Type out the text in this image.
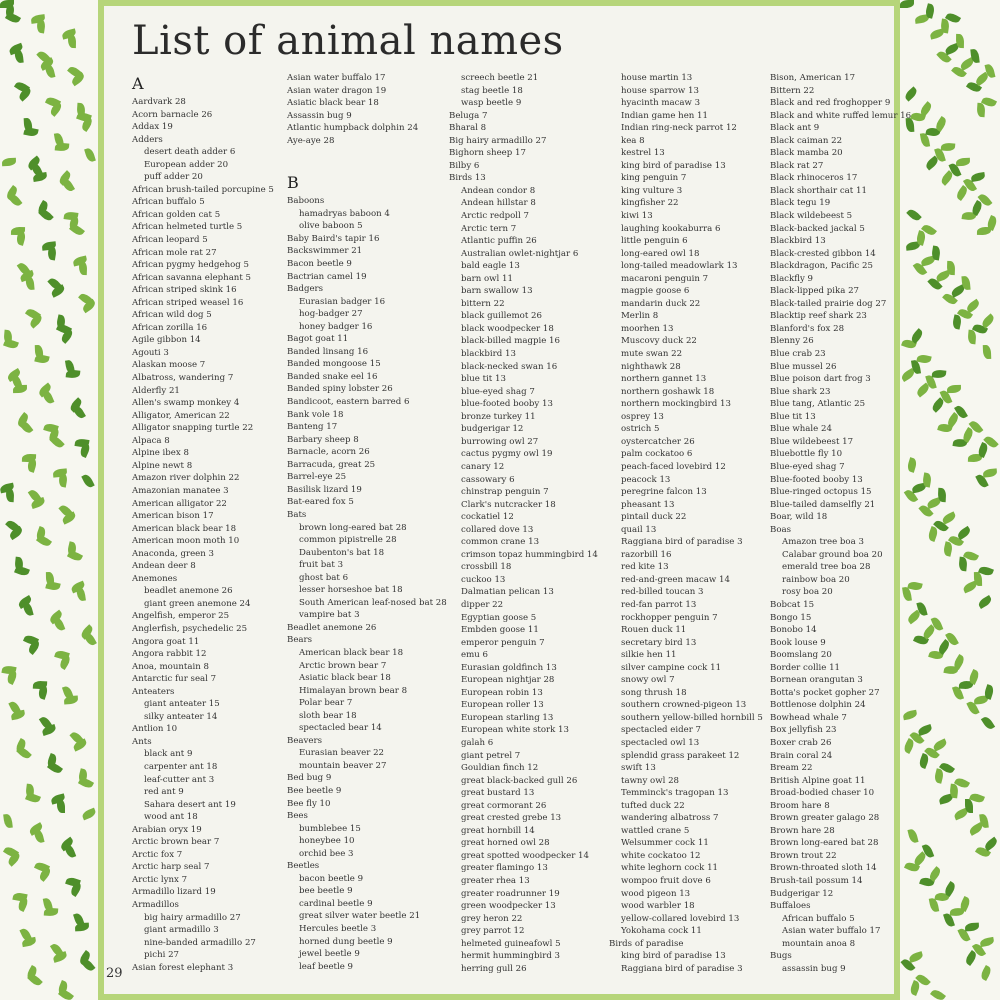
List of animal names
A
Aardvark 28
Acorn barnacle 26
Addax 19
Adders
desert death adder 6
European adder 20
puff adder 20
African brush-tailed porcupine 5
African buffalo 5
African golden cat 5
African helmeted turtle 5
African leopard 5
African mole rat 27
African pygmy hedgehog 5
African savanna elephant 5
African striped skink 16
African striped weasel 16
African wild dog 5
African zorilla 16
Agile gibbon 14
Agouti 3
Alaskan moose 7
Albatross, wandering 7
Alderfly 21
Allen's swamp monkey 4
Alligator, American 22
Alligator snapping turtle 22
Alpaca 8
Alpine ibex 8
Alpine newt 8
Amazon river dolphin 22
Amazonian manatee 3
American alligator 22
American bison 17
American black bear 18
American moon moth 10
Anaconda, green 3
Andean deer 8
Anemones
beadlet anemone 26
giant green anemone 24
Angelfish, emperor 25
Anglerfish, psychedelic 25
Angora goat 11
Angora rabbit 12
Anoa, mountain 8
Antarctic fur seal 7
Anteaters
giant anteater 15
silky anteater 14
Antlion 10
Ants
black ant 9
carpenter ant 18
leaf-cutter ant 3
red ant 9
Sahara desert ant 19
wood ant 18
Arabian oryx 19
Arctic brown bear 7
Arctic fox 7
Arctic harp seal 7
Arctic lynx 7
Armadillo lizard 19
Armadillos
big hairy armadillo 27
giant armadillo 3
nine-banded armadillo 27
pichi 27
Asian forest elephant 3
Asian water buffalo 17
Asian water dragon 19
Asiatic black bear 18
Assassin bug 9
Atlantic humpback dolphin 24
Aye-aye 28
B
Baboons
hamadryas baboon 4
olive baboon 5
Baby Baird's tapir 16
Backswimmer 21
Bacon beetle 9
Bactrian camel 19
Badgers
Eurasian badger 16
hog-badger 27
honey badger 16
Bagot goat 11
Banded linsang 16
Banded mongoose 15
Banded snake eel 16
Banded spiny lobster 26
Bandicoot, eastern barred 6
Bank vole 18
Banteng 17
Barbary sheep 8
Barnacle, acorn 26
Barracuda, great 25
Barrel-eye 25
Basilisk lizard 19
Bat-eared fox 5
Bats
brown long-eared bat 28
common pipistrelle 28
Daubenton's bat 18
fruit bat 3
ghost bat 6
lesser horseshoe bat 18
South American leaf-nosed bat 28
vampire bat 3
Beadlet anemone 26
Bears
American black bear 18
Arctic brown bear 7
Asiatic black bear 18
Himalayan brown bear 8
Polar bear 7
sloth bear 18
spectacled bear 14
Beavers
Eurasian beaver 22
mountain beaver 27
Bed bug 9
Bee beetle 9
Bee fly 10
Bees
bumblebee 15
honeybee 10
orchid bee 3
Beetles
bacon beetle 9
bee beetle 9
cardinal beetle 9
great silver water beetle 21
Hercules beetle 3
horned dung beetle 9
jewel beetle 9
leaf beetle 9
screech beetle 21
stag beetle 18
wasp beetle 9
Beluga 7
Bharal 8
Big hairy armadillo 27
Bighorn sheep 17
Bilby 6
Birds 13
Andean condor 8
Andean hillstar 8
Arctic redpoll 7
Arctic tern 7
Atlantic puffin 26
Australian owlet-nightjar 6
bald eagle 13
barn owl 11
barn swallow 13
bittern 22
black guillemot 26
black woodpecker 18
black-billed magpie 16
blackbird 13
black-necked swan 16
blue tit 13
blue-eyed shag 7
blue-footed booby 13
bronze turkey 11
budgerigar 12
burrowing owl 27
cactus pygmy owl 19
canary 12
cassowary 6
chinstrap penguin 7
Clark's nutcracker 18
cockatiel 12
collared dove 13
common crane 13
crimson topaz hummingbird 14
crossbill 18
cuckoo 13
Dalmatian pelican 13
dipper 22
Egyptian goose 5
Embden goose 11
emperor penguin 7
emu 6
Eurasian goldfinch 13
European nightjar 28
European robin 13
European roller 13
European starling 13
European white stork 13
galah 6
giant petrel 7
Gouldian finch 12
great black-backed gull 26
great bustard 13
great cormorant 26
great crested grebe 13
great hornbill 14
great horned owl 28
great spotted woodpecker 14
greater flamingo 13
greater rhea 13
greater roadrunner 19
green woodpecker 13
grey heron 22
grey parrot 12
helmeted guineafowl 5
hermit hummingbird 3
herring gull 26
house martin 13
house sparrow 13
hyacinth macaw 3
Indian game hen 11
Indian ring-neck parrot 12
kea 8
kestrel 13
king bird of paradise 13
king penguin 7
king vulture 3
kingfisher 22
kiwi 13
laughing kookaburra 6
little penguin 6
long-eared owl 18
long-tailed meadowlark 13
macaroni penguin 7
magpie goose 6
mandarin duck 22
Merlin 8
moorhen 13
Muscovy duck 22
mute swan 22
nighthawk 28
northern gannet 13
northern goshawk 18
northern mockingbird 13
osprey 13
ostrich 5
oystercatcher 26
palm cockatoo 6
peach-faced lovebird 12
peacock 13
peregrine falcon 13
pheasant 13
pintail duck 22
quail 13
Raggiana bird of paradise 3
razorbill 16
red kite 13
red-and-green macaw 14
red-billed toucan 3
red-fan parrot 13
rockhopper penguin 7
Rouen duck 11
secretary bird 13
silkie hen 11
silver campine cock 11
snowy owl 7
song thrush 18
southern crowned-pigeon 13
southern yellow-billed hornbill 5
spectacled eider 7
spectacled owl 13
splendid grass parakeet 12
swift 13
tawny owl 28
Temminck's tragopan 13
tufted duck 22
wandering albatross 7
wattled crane 5
Welsummer cock 11
white cockatoo 12
white leghorn cock 11
wompoo fruit dove 6
wood pigeon 13
wood warbler 18
yellow-collared lovebird 13
Yokohama cock 11
Birds of paradise
king bird of paradise 13
Raggiana bird of paradise 3
Bison, American 17
Bittern 22
Black and red froghopper 9
Black and white ruffed lemur 16
Black ant 9
Black caiman 22
Black mamba 20
Black rat 27
Black rhinoceros 17
Black shorthair cat 11
Black tegu 19
Black wildebeest 5
Black-backed jackal 5
Blackbird 13
Black-crested gibbon 14
Blackdragon, Pacific 25
Blackfly 9
Black-lipped pika 27
Black-tailed prairie dog 27
Blacktip reef shark 23
Blanford's fox 28
Blenny 26
Blue crab 23
Blue mussel 26
Blue poison dart frog 3
Blue shark 23
Blue tang, Atlantic 25
Blue tit 13
Blue whale 24
Blue wildebeest 17
Bluebottle fly 10
Blue-eyed shag 7
Blue-footed booby 13
Blue-ringed octopus 15
Blue-tailed damselfly 21
Boar, wild 18
Boas
Amazon tree boa 3
Calabar ground boa 20
emerald tree boa 28
rainbow boa 20
rosy boa 20
Bobcat 15
Bongo 15
Bonobo 14
Book louse 9
Boomslang 20
Border collie 11
Bornean orangutan 3
Botta's pocket gopher 27
Bottlenose dolphin 24
Bowhead whale 7
Box jellyfish 23
Boxer crab 26
Brain coral 24
Bream 22
British Alpine goat 11
Broad-bodied chaser 10
Broom hare 8
Brown greater galago 28
Brown hare 28
Brown long-eared bat 28
Brown trout 22
Brown-throated sloth 14
Brush-tail possum 14
Budgerigar 12
Buffaloes
African buffalo 5
Asian water buffalo 17
mountain anoa 8
Bugs
assassin bug 9
29
